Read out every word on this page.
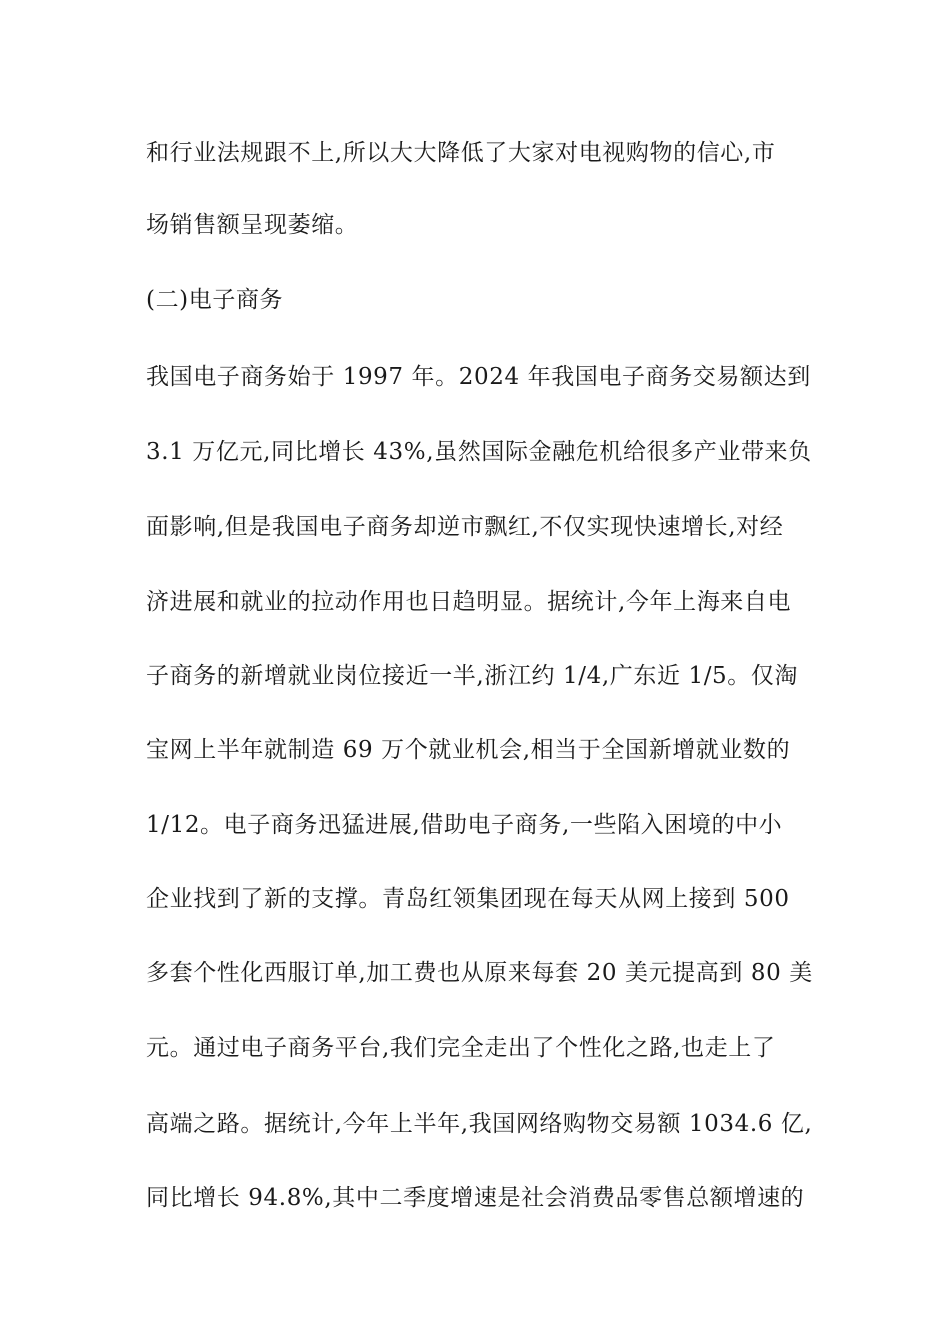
和行业法规跟不上,所以大大降低了大家对电视购物的信心,市
场销售额呈现萎缩。
(二)电子商务
我国电子商务始于 1997 年。2024 年我国电子商务交易额达到
3.1 万亿元,同比增长 43%,虽然国际金融危机给很多产业带来负
面影响,但是我国电子商务却逆市飘红,不仅实现快速增长,对经
济进展和就业的拉动作用也日趋明显。据统计,今年上海来自电
子商务的新增就业岗位接近一半,浙江约 1/4,广东近 1/5。仅淘
宝网上半年就制造 69 万个就业机会,相当于全国新增就业数的
1/12。电子商务迅猛进展,借助电子商务,一些陷入困境的中小
企业找到了新的支撑。青岛红领集团现在每天从网上接到 500
多套个性化西服订单,加工费也从原来每套 20 美元提高到 80 美
元。通过电子商务平台,我们完全走出了个性化之路,也走上了
高端之路。据统计,今年上半年,我国网络购物交易额 1034.6 亿,
同比增长 94.8%,其中二季度增速是社会消费品零售总额增速的
